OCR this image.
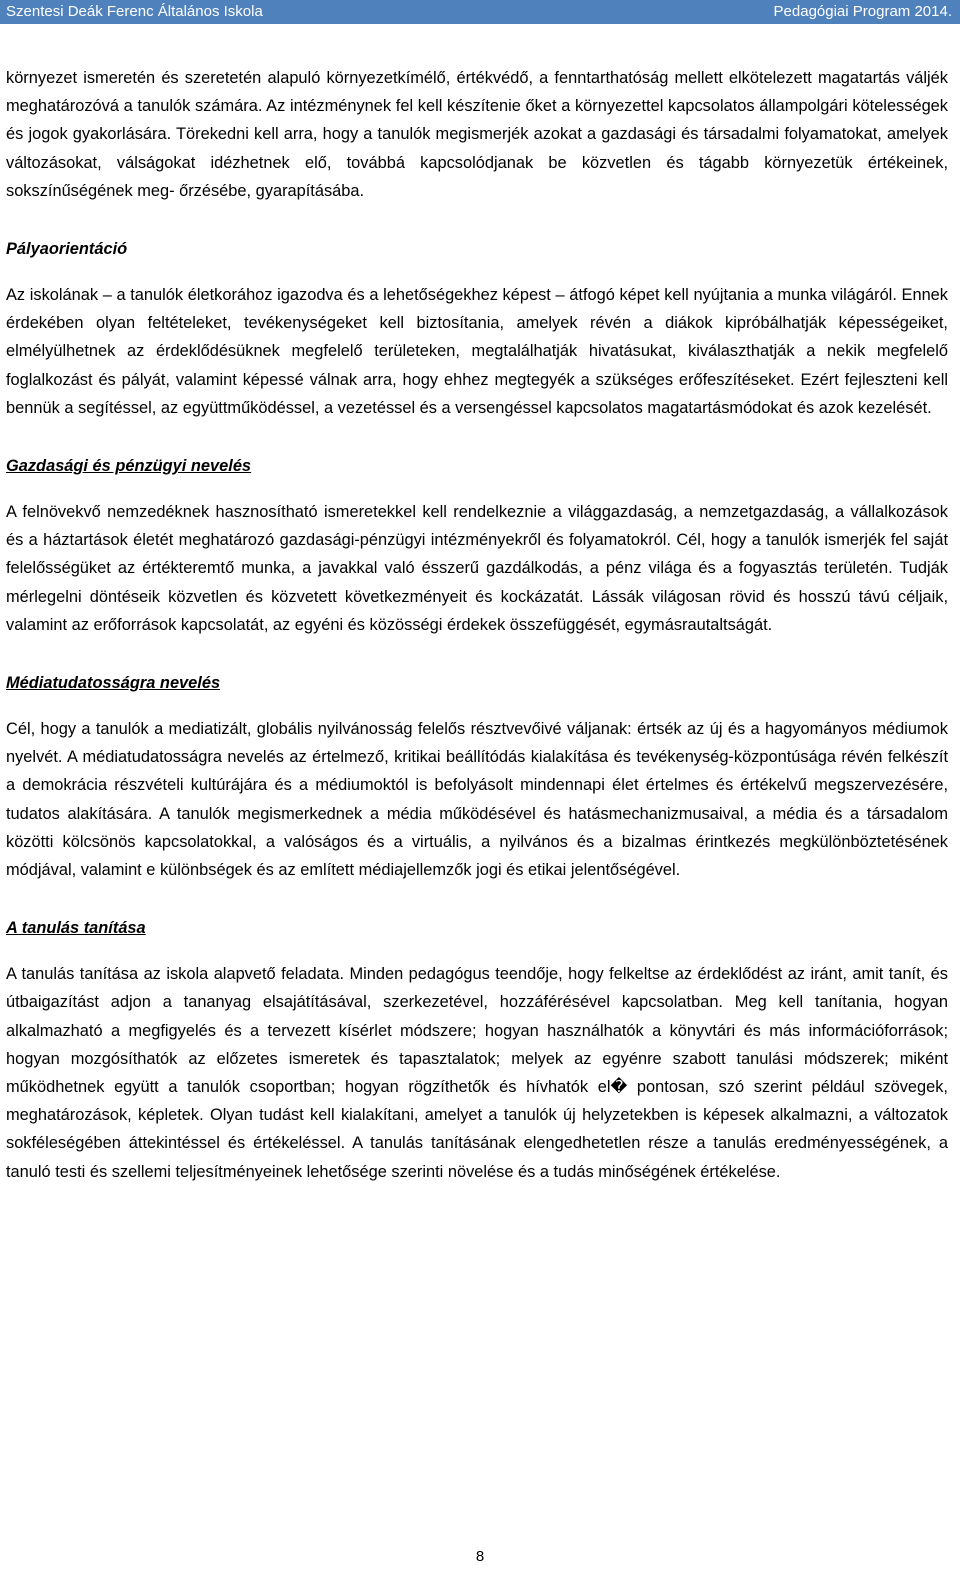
Szentesi Deák Ferenc Általános Iskola	Pedagógiai Program 2014.

környezet ismeretén és szeretetén alapuló környezetkímélő, értékvédő, a fenntarthatóság mellett elkötelezett magatartás váljék meghatározóvá a tanulók számára. Az intézménynek fel kell készítenie őket a környezettel kapcsolatos állampolgári kötelességek és jogok gyakorlására. Törekedni kell arra, hogy a tanulók megismerjék azokat a gazdasági és társadalmi folyamatokat, amelyek változásokat, válságokat idézhetnek elő, továbbá kapcsolódjanak be közvetlen és tágabb környezetük értékeinek, sokszínűségének meg- őrzésébe, gyarapításába.

Pályaorientáció

Az iskolának – a tanulók életkorához igazodva és a lehetőségekhez képest – átfogó képet kell nyújtania a munka világáról. Ennek érdekében olyan feltételeket, tevékenységeket kell biztosítania, amelyek révén a diákok kipróbálhatják képességeiket, elmélyülhetnek az érdeklődésüknek megfelelő területeken, megtalálhatják hivatásukat, kiválaszthatják a nekik megfelelő foglalkozást és pályát, valamint képessé válnak arra, hogy ehhez megtegyék a szükséges erőfeszítéseket. Ezért fejleszteni kell bennük a segítéssel, az együttműködéssel, a vezetéssel és a versengéssel kapcsolatos magatartásmódokat és azok kezelését.

Gazdasági és pénzügyi nevelés

A felnövekvő nemzedéknek hasznosítható ismeretekkel kell rendelkeznie a világgazdaság, a nemzetgazdaság, a vállalkozások és a háztartások életét meghatározó gazdasági-pénzügyi intézményekről és folyamatokról. Cél, hogy a tanulók ismerjék fel saját felelősségüket az értékteremtő munka, a javakkal való ésszerű gazdálkodás, a pénz világa és a fogyasztás területén. Tudják mérlegelni döntéseik közvetlen és közvetett következményeit és kockázatát. Lássák világosan rövid és hosszú távú céljaik, valamint az erőforrások kapcsolatát, az egyéni és közösségi érdekek összefüggését, egymásrautaltságát.

Médiatudatosságra nevelés

Cél, hogy a tanulók a mediatizált, globális nyilvánosság felelős résztvevőivé váljanak: értsék az új és a hagyományos médiumok nyelvét. A médiatudatosságra nevelés az értelmező, kritikai beállítódás kialakítása és tevékenység-központúsága révén felkészít a demokrácia részvételi kultúrájára és a médiumoktól is befolyásolt mindennapi élet értelmes és értékelvű megszervezésére, tudatos alakítására. A tanulók megismerkednek a média működésével és hatásmechanizmusaival, a média és a társadalom közötti kölcsönös kapcsolatokkal, a valóságos és a virtuális, a nyilvános és a bizalmas érintkezés megkülönböztetésének módjával, valamint e különbségek és az említett médiajellemzők jogi és etikai jelentőségével.

A tanulás tanítása

A tanulás tanítása az iskola alapvető feladata. Minden pedagógus teendője, hogy felkeltse az érdeklődést az iránt, amit tanít, és útbaigazítást adjon a tananyag elsajátításával, szerkezetével, hozzáférésével kapcsolatban. Meg kell tanítania, hogyan alkalmazható a megfigyelés és a tervezett kísérlet módszere; hogyan használhatók a könyvtári és más információforrások; hogyan mozgósíthatók az előzetes ismeretek és tapasztalatok; melyek az egyénre szabott tanulási módszerek; miként működhetnek együtt a tanulók csoportban; hogyan rögzíthetők és hívhatók el� pontosan, szó szerint például szövegek, meghatározások, képletek. Olyan tudást kell kialakítani, amelyet a tanulók új helyzetekben is képesek alkalmazni, a változatok sokféleségében áttekintéssel és értékeléssel. A tanulás tanításának elengedhetetlen része a tanulás eredményességének, a tanuló testi és szellemi teljesítményeinek lehetősége szerinti növelése és a tudás minőségének értékelése.

8
